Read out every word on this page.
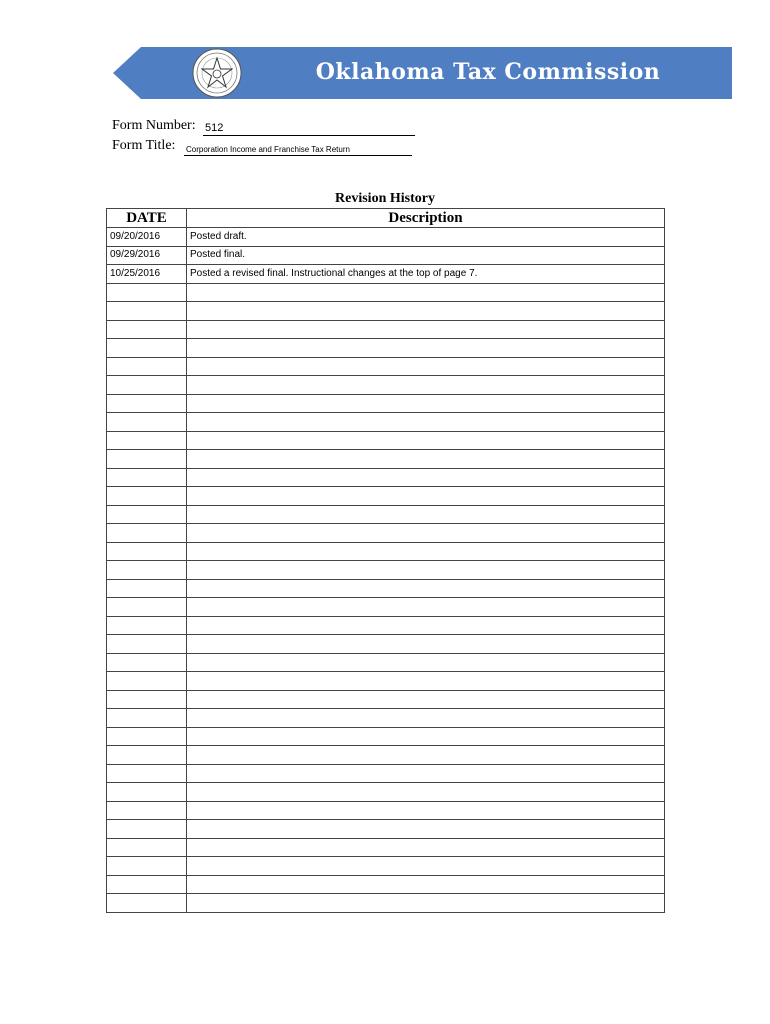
Oklahoma Tax Commission
Form Number: 512
Form Title: Corporation Income and Franchise Tax Return
Revision History
DATE	Description
09/20/2016	Posted draft.
09/29/2016	Posted final.
10/25/2016	Posted a revised final. Instructional changes at the top of page 7.
